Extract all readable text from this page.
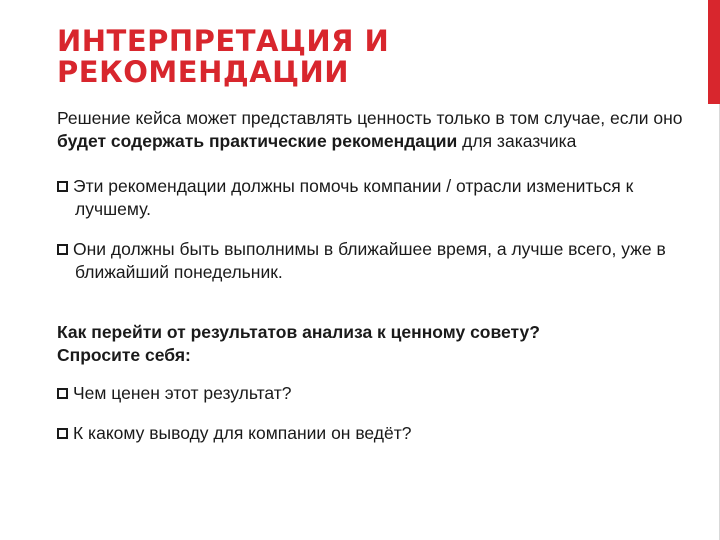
ИНТЕРПРЕТАЦИЯ И
РЕКОМЕНДАЦИИ

Решение кейса может представлять ценность только в том случае, если оно будет содержать практические рекомендации для заказчика

Эти рекомендации должны помочь компании / отрасли измениться к лучшему.

Они должны быть выполнимы в ближайшее время, а лучше всего, уже в ближайший понедельник.

Как перейти от результатов анализа к ценному совету?
Спросите себя:

Чем ценен этот результат?

К какому выводу для компании он ведёт?
